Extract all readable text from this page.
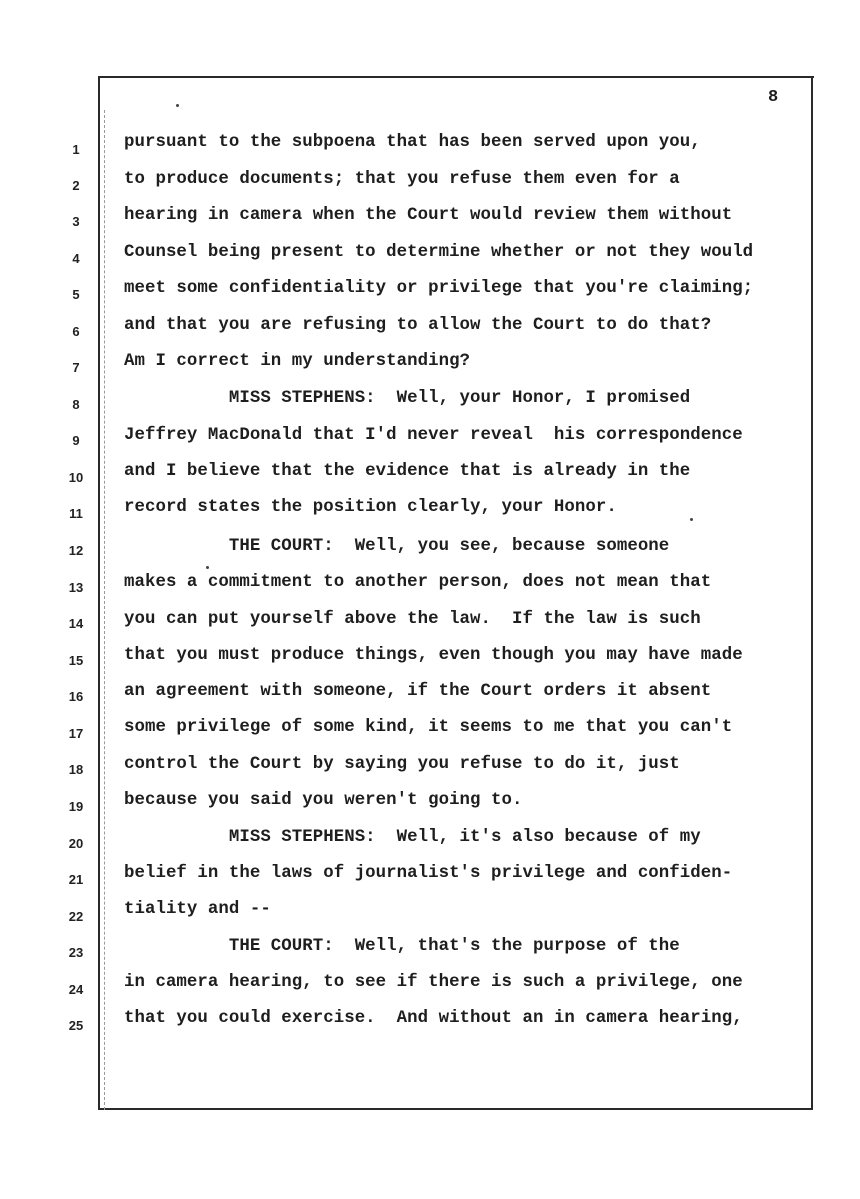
8
1	pursuant to the subpoena that has been served upon you,
2	to produce documents; that you refuse them even for a
3	hearing in camera when the Court would review them without
4	Counsel being present to determine whether or not they would
5	meet some confidentiality or privilege that you're claiming;
6	and that you are refusing to allow the Court to do that?
7	Am I correct in my understanding?
8	MISS STEPHENS:  Well, your Honor, I promised
9	Jeffrey MacDonald that I'd never reveal  his correspondence
10	and I believe that the evidence that is already in the
11	record states the position clearly, your Honor.
12	THE COURT:  Well, you see, because someone
13	makes a commitment to another person, does not mean that
14	you can put yourself above the law.  If the law is such
15	that you must produce things, even though you may have made
16	an agreement with someone, if the Court orders it absent
17	some privilege of some kind, it seems to me that you can't
18	control the Court by saying you refuse to do it, just
19	because you said you weren't going to.
20	MISS STEPHENS:  Well, it's also because of my
21	belief in the laws of journalist's privilege and confiden-
22	tiality and --
23	THE COURT:  Well, that's the purpose of the
24	in camera hearing, to see if there is such a privilege, one
25	that you could exercise.  And without an in camera hearing,
